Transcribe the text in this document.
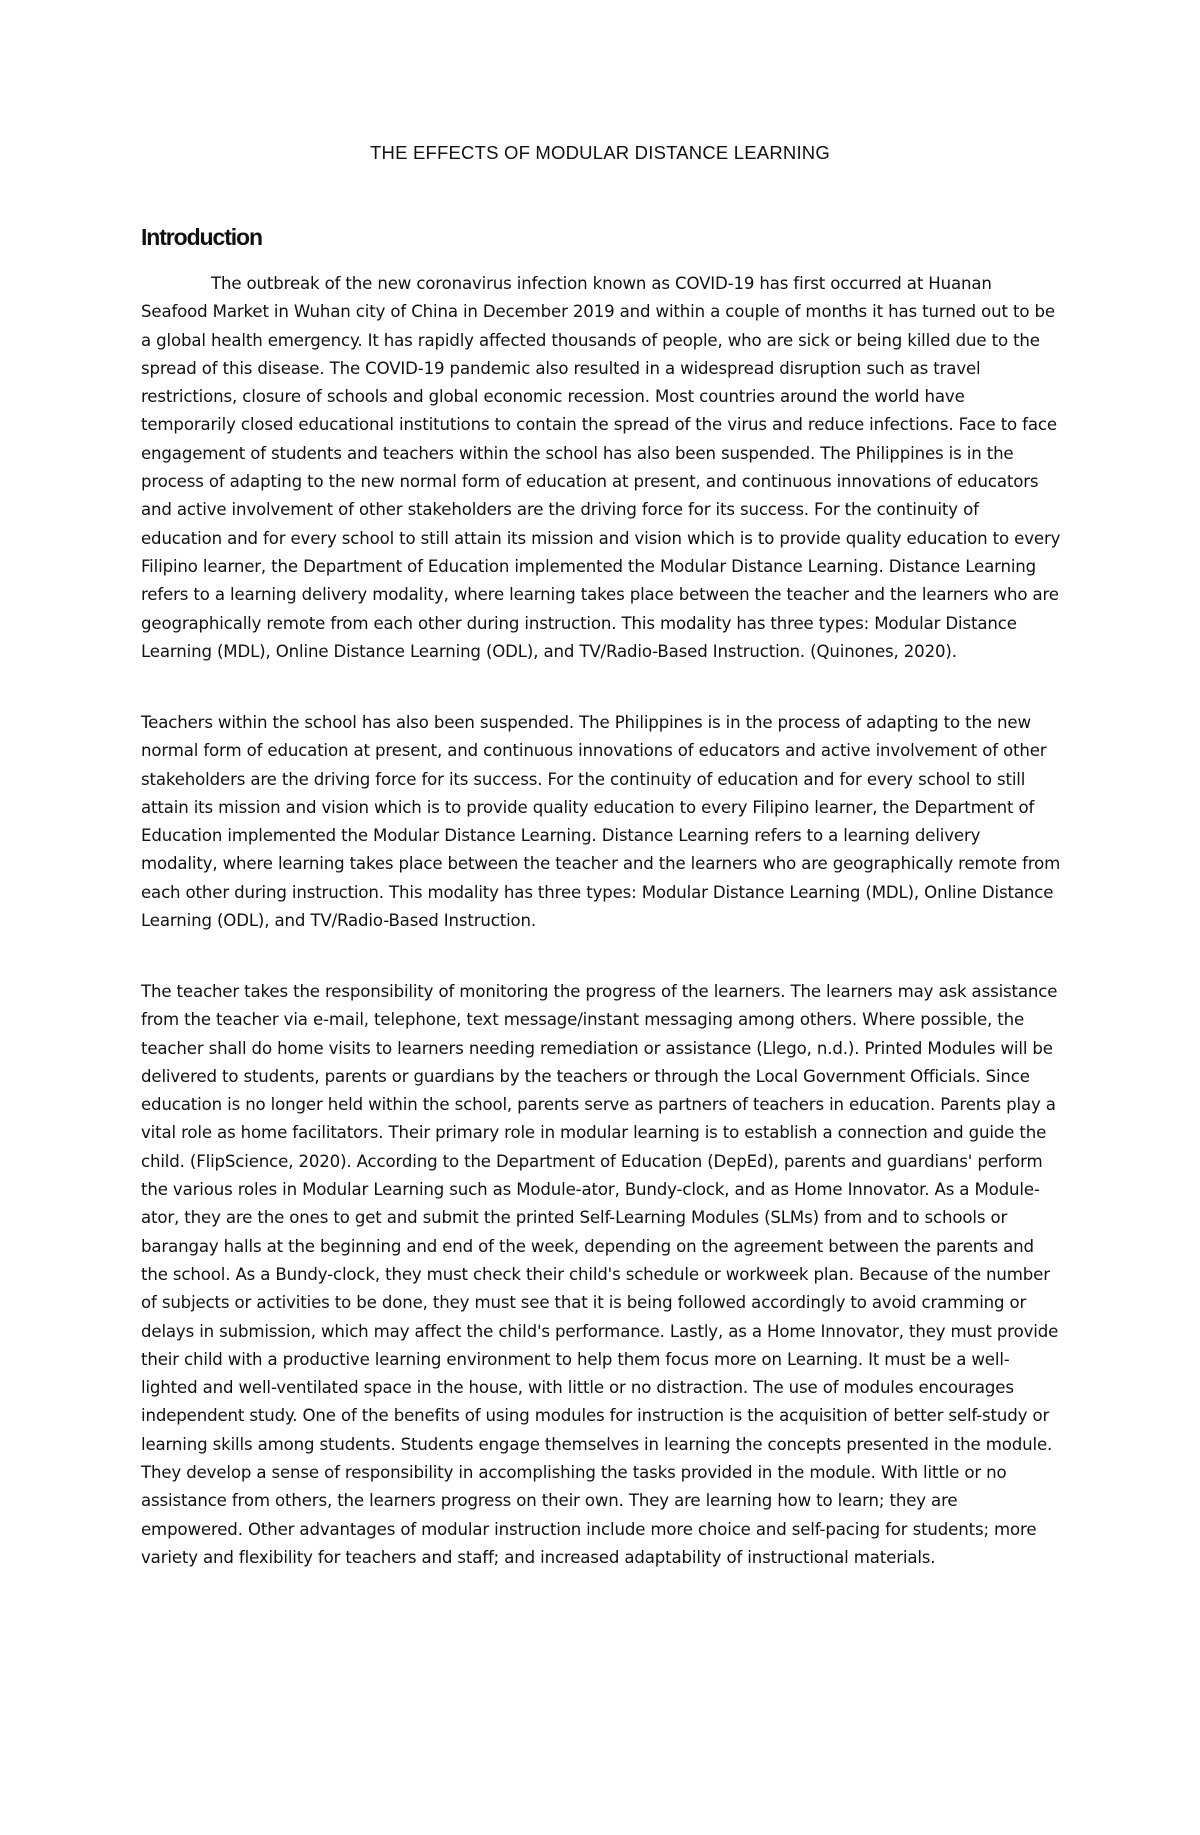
THE EFFECTS OF MODULAR DISTANCE LEARNING
Introduction

The outbreak of the new coronavirus infection known as COVID-19 has first occurred at Huanan Seafood Market in Wuhan city of China in December 2019 and within a couple of months it has turned out to be a global health emergency. It has rapidly affected thousands of people, who are sick or being killed due to the spread of this disease. The COVID-19 pandemic also resulted in a widespread disruption such as travel restrictions, closure of schools and global economic recession. Most countries around the world have temporarily closed educational institutions to contain the spread of the virus and reduce infections. Face to face engagement of students and teachers within the school has also been suspended. The Philippines is in the process of adapting to the new normal form of education at present, and continuous innovations of educators and active involvement of other stakeholders are the driving force for its success. For the continuity of education and for every school to still attain its mission and vision which is to provide quality education to every Filipino learner, the Department of Education implemented the Modular Distance Learning. Distance Learning refers to a learning delivery modality, where learning takes place between the teacher and the learners who are geographically remote from each other during instruction. This modality has three types: Modular Distance Learning (MDL), Online Distance Learning (ODL), and TV/Radio-Based Instruction. (Quinones, 2020).

Teachers within the school has also been suspended. The Philippines is in the process of adapting to the new normal form of education at present, and continuous innovations of educators and active involvement of other stakeholders are the driving force for its success. For the continuity of education and for every school to still attain its mission and vision which is to provide quality education to every Filipino learner, the Department of Education implemented the Modular Distance Learning. Distance Learning refers to a learning delivery modality, where learning takes place between the teacher and the learners who are geographically remote from each other during instruction. This modality has three types: Modular Distance Learning (MDL), Online Distance Learning (ODL), and TV/Radio-Based Instruction.

The teacher takes the responsibility of monitoring the progress of the learners. The learners may ask assistance from the teacher via e-mail, telephone, text message/instant messaging among others. Where possible, the teacher shall do home visits to learners needing remediation or assistance (Llego, n.d.). Printed Modules will be delivered to students, parents or guardians by the teachers or through the Local Government Officials. Since education is no longer held within the school, parents serve as partners of teachers in education. Parents play a vital role as home facilitators. Their primary role in modular learning is to establish a connection and guide the child. (FlipScience, 2020). According to the Department of Education (DepEd), parents and guardians' perform the various roles in Modular Learning such as Module-ator, Bundy-clock, and as Home Innovator. As a Module-ator, they are the ones to get and submit the printed Self-Learning Modules (SLMs) from and to schools or barangay halls at the beginning and end of the week, depending on the agreement between the parents and the school. As a Bundy-clock, they must check their child's schedule or workweek plan. Because of the number of subjects or activities to be done, they must see that it is being followed accordingly to avoid cramming or delays in submission, which may affect the child's performance. Lastly, as a Home Innovator, they must provide their child with a productive learning environment to help them focus more on Learning. It must be a well-lighted and well-ventilated space in the house, with little or no distraction. The use of modules encourages independent study. One of the benefits of using modules for instruction is the acquisition of better self-study or learning skills among students. Students engage themselves in learning the concepts presented in the module. They develop a sense of responsibility in accomplishing the tasks provided in the module. With little or no assistance from others, the learners progress on their own. They are learning how to learn; they are empowered. Other advantages of modular instruction include more choice and self-pacing for students; more variety and flexibility for teachers and staff; and increased adaptability of instructional materials.
